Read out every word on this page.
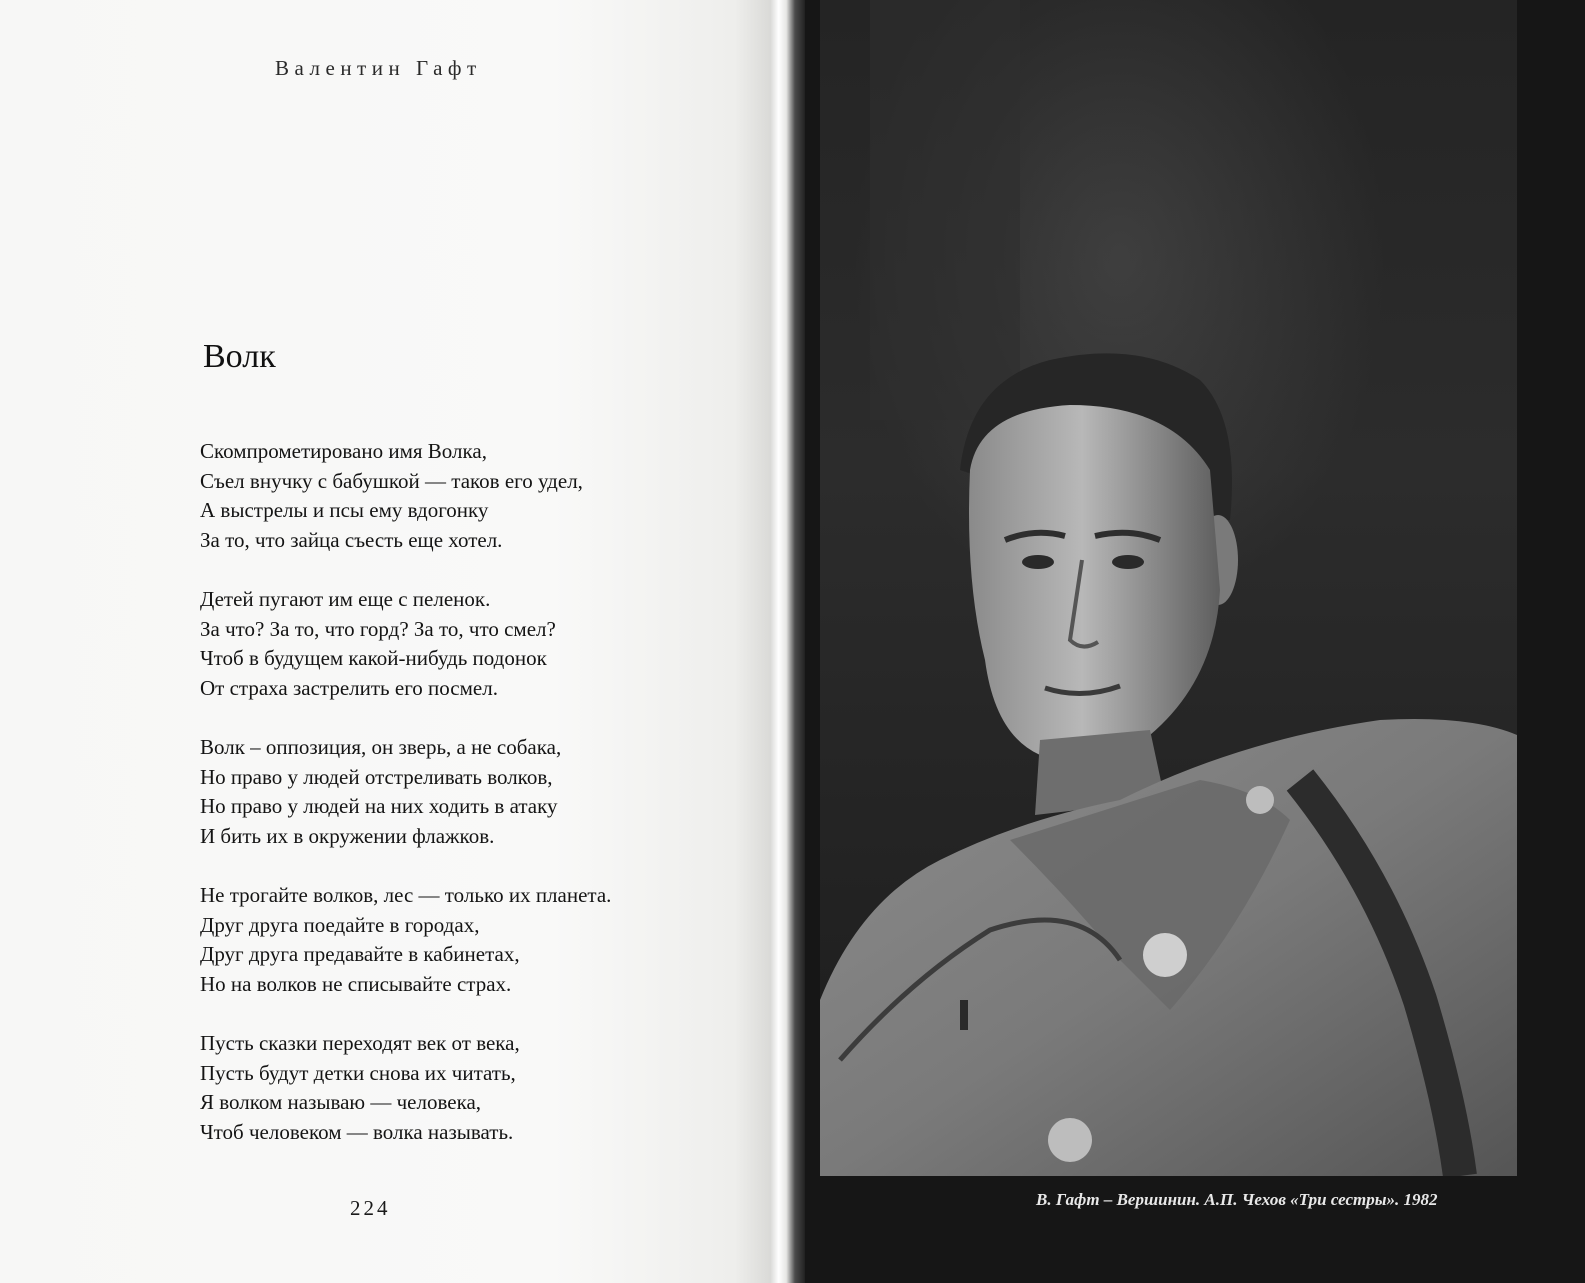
Валентин Гафт
Волк
Скомпрометировано имя Волка,
Съел внучку с бабушкой — таков его удел,
А выстрелы и псы ему вдогонку
За то, что зайца съесть еще хотел.
Детей пугают им еще с пеленок.
За что? За то, что горд? За то, что смел?
Чтоб в будущем какой-нибудь подонок
От страха застрелить его посмел.
Волк – оппозиция, он зверь, а не собака,
Но право у людей отстреливать волков,
Но право у людей на них ходить в атаку
И бить их в окружении флажков.
Не трогайте волков, лес — только их планета.
Друг друга поедайте в городах,
Друг друга предавайте в кабинетах,
Но на волков не списывайте страх.
Пусть сказки переходят век от века,
Пусть будут детки снова их читать,
Я волком называю — человека,
Чтоб человеком — волка называть.
224	В. Гафт – Вершинин. А.П. Чехов «Три сестры». 1982
